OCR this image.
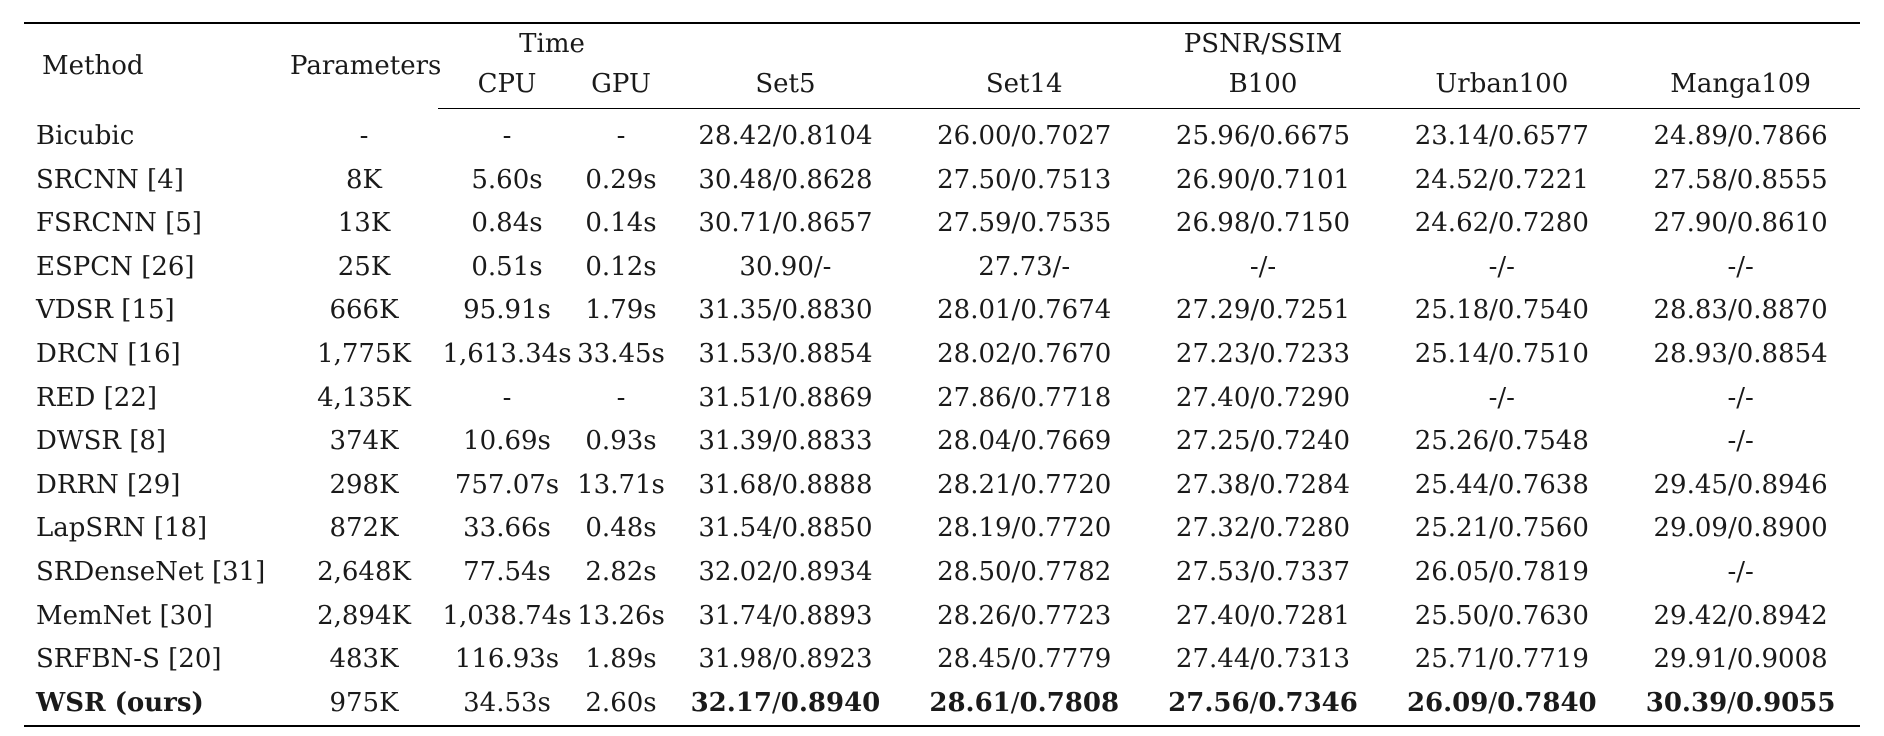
Method	Parameters	Time		PSNR/SSIM				
		CPU	GPU	Set5	Set14	B100	Urban100	Manga109
Bicubic	-	-	-	28.42/0.8104	26.00/0.7027	25.96/0.6675	23.14/0.6577	24.89/0.7866
SRCNN [4]	8K	5.60s	0.29s	30.48/0.8628	27.50/0.7513	26.90/0.7101	24.52/0.7221	27.58/0.8555
FSRCNN [5]	13K	0.84s	0.14s	30.71/0.8657	27.59/0.7535	26.98/0.7150	24.62/0.7280	27.90/0.8610
ESPCN [26]	25K	0.51s	0.12s	30.90/-	27.73/-	-/-	-/-	-/-
VDSR [15]	666K	95.91s	1.79s	31.35/0.8830	28.01/0.7674	27.29/0.7251	25.18/0.7540	28.83/0.8870
DRCN [16]	1,775K	1,613.34s	33.45s	31.53/0.8854	28.02/0.7670	27.23/0.7233	25.14/0.7510	28.93/0.8854
RED [22]	4,135K	-	-	31.51/0.8869	27.86/0.7718	27.40/0.7290	-/-	-/-
DWSR [8]	374K	10.69s	0.93s	31.39/0.8833	28.04/0.7669	27.25/0.7240	25.26/0.7548	-/-
DRRN [29]	298K	757.07s	13.71s	31.68/0.8888	28.21/0.7720	27.38/0.7284	25.44/0.7638	29.45/0.8946
LapSRN [18]	872K	33.66s	0.48s	31.54/0.8850	28.19/0.7720	27.32/0.7280	25.21/0.7560	29.09/0.8900
SRDenseNet [31]	2,648K	77.54s	2.82s	32.02/0.8934	28.50/0.7782	27.53/0.7337	26.05/0.7819	-/-
MemNet [30]	2,894K	1,038.74s	13.26s	31.74/0.8893	28.26/0.7723	27.40/0.7281	25.50/0.7630	29.42/0.8942
SRFBN-S [20]	483K	116.93s	1.89s	31.98/0.8923	28.45/0.7779	27.44/0.7313	25.71/0.7719	29.91/0.9008
WSR (ours)	975K	34.53s	2.60s	32.17/0.8940	28.61/0.7808	27.56/0.7346	26.09/0.7840	30.39/0.9055
